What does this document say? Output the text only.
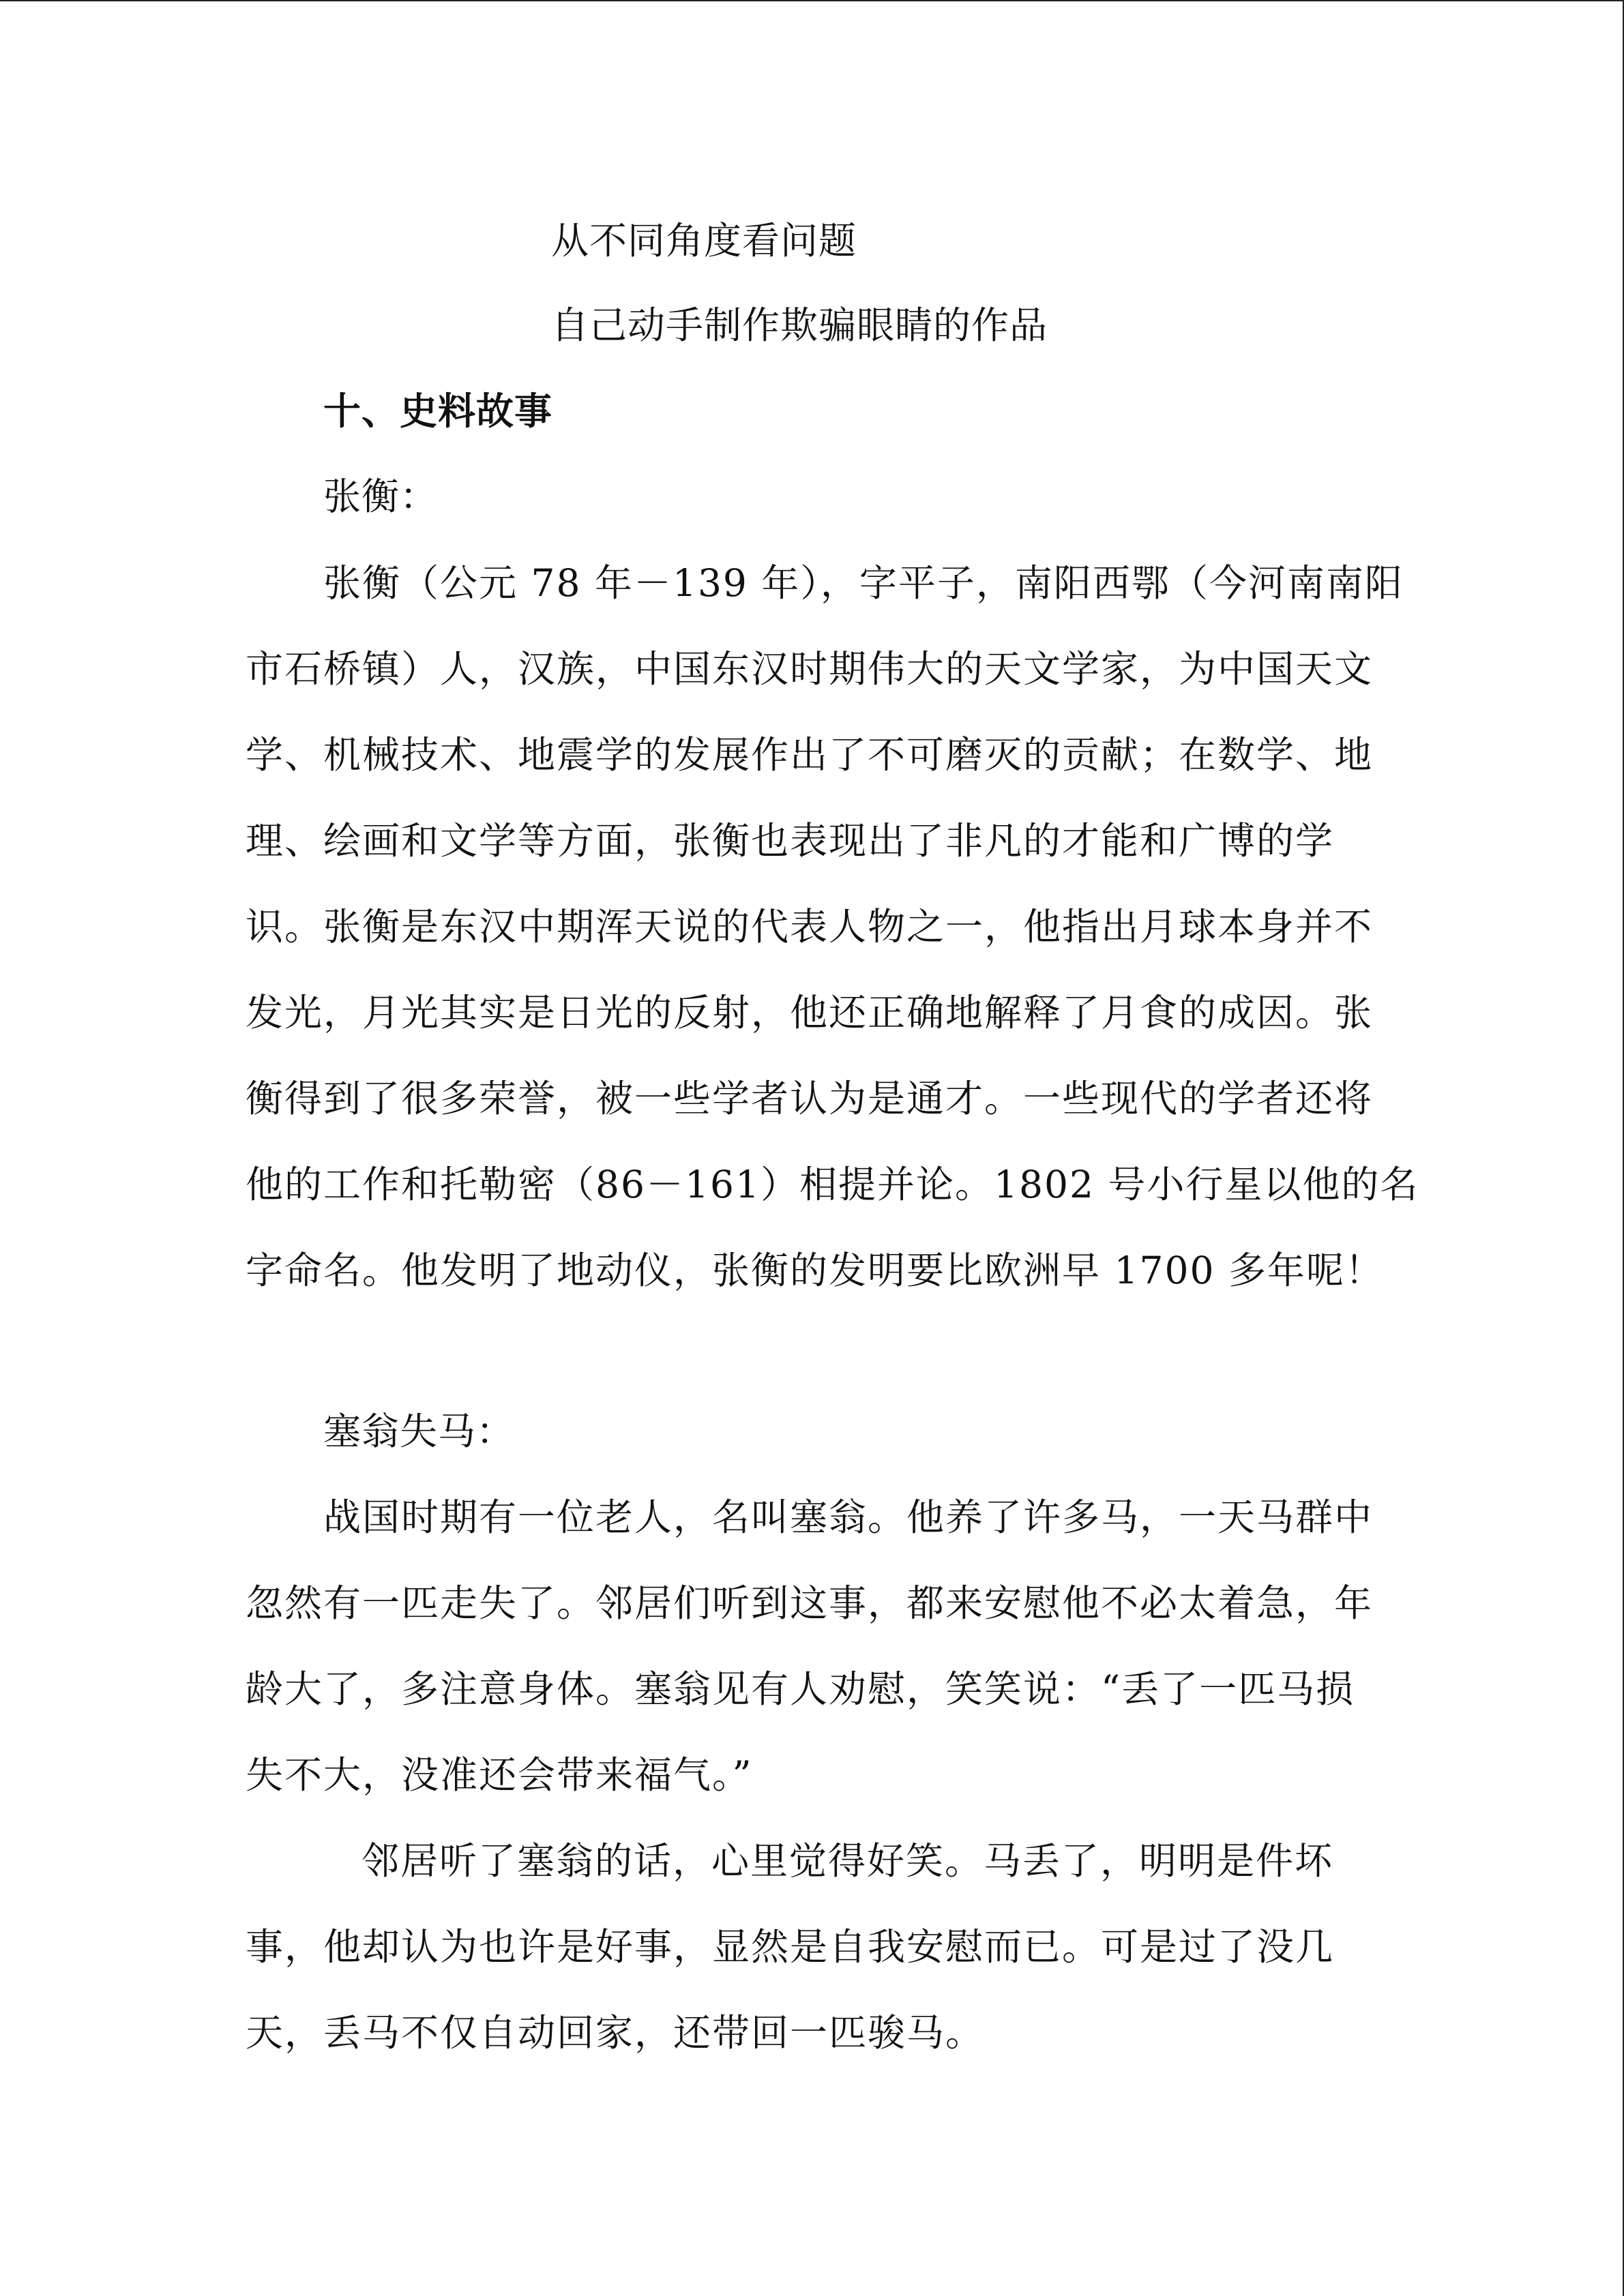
从不同角度看问题
自己动手制作欺骗眼睛的作品
十、史料故事
张衡：
张衡（公元 78 年－139 年），字平子，南阳西鄂（今河南南阳
市石桥镇）人，汉族，中国东汉时期伟大的天文学家，为中国天文
学、机械技术、地震学的发展作出了不可磨灭的贡献；在数学、地
理、绘画和文学等方面，张衡也表现出了非凡的才能和广博的学
识。张衡是东汉中期浑天说的代表人物之一，他指出月球本身并不
发光，月光其实是日光的反射，他还正确地解释了月食的成因。张
衡得到了很多荣誉，被一些学者认为是通才。一些现代的学者还将
他的工作和托勒密（86－161）相提并论。1802 号小行星以他的名
字命名。他发明了地动仪，张衡的发明要比欧洲早 1700 多年呢！
塞翁失马：
战国时期有一位老人，名叫塞翁。他养了许多马，一天马群中
忽然有一匹走失了。邻居们听到这事，都来安慰他不必太着急，年
龄大了，多注意身体。塞翁见有人劝慰，笑笑说：“丢了一匹马损
失不大，没准还会带来福气。”
邻居听了塞翁的话，心里觉得好笑。马丢了，明明是件坏
事，他却认为也许是好事，显然是自我安慰而已。可是过了没几
天，丢马不仅自动回家，还带回一匹骏马。
